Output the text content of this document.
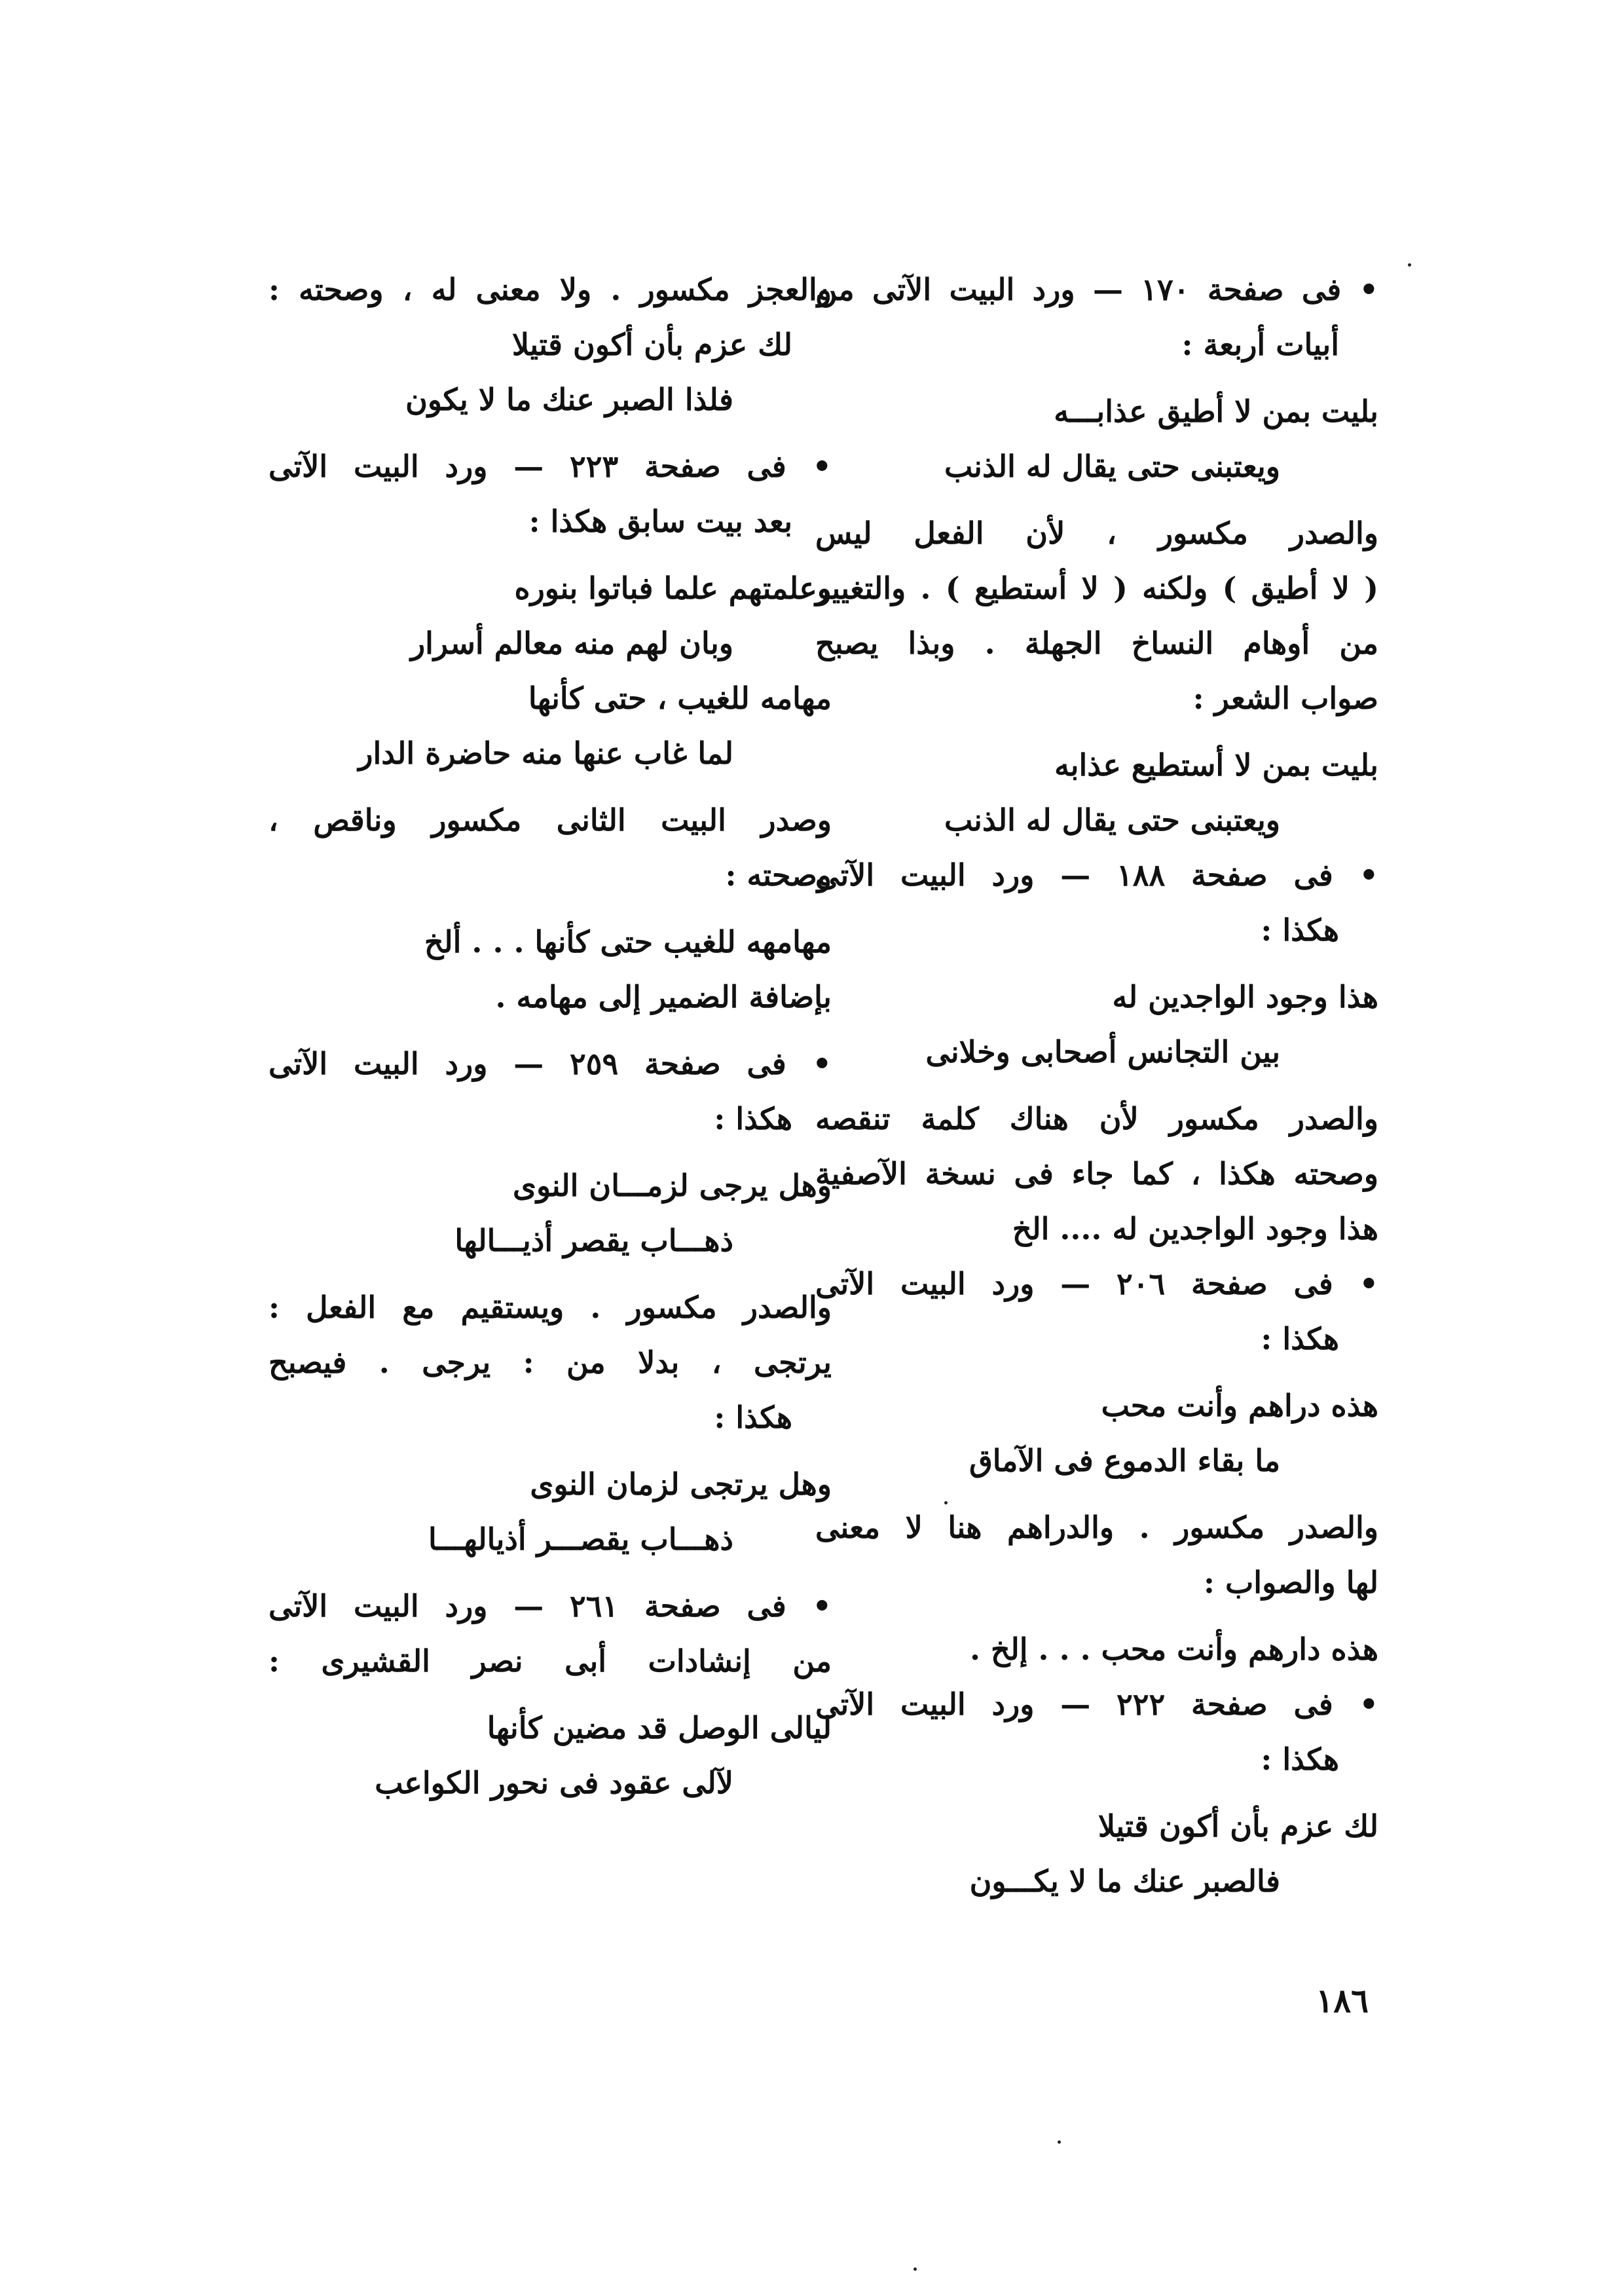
• فى صفحة ١٧٠ — ورد البيت الآتى من
أبيات أربعة :
بليت بمن لا أطيق عذابـــه
ويعتبنى حتى يقال له الذنب
والصدر مكسور ، لأن الفعل ليس
( لا أطيق ) ولكنه ( لا أستطيع ) . والتغيير
من أوهام النساخ الجهلة . وبذا يصبح
صواب الشعر :
بليت بمن لا أستطيع عذابه
ويعتبنى حتى يقال له الذنب
• فى صفحة ١٨٨ — ورد البيت الآتى
هكذا :
هذا وجود الواجدين له
بين التجانس أصحابى وخلانى
والصدر مكسور لأن هناك كلمة تنقصه
وصحته هكذا ، كما جاء فى نسخة الآصفية
هذا وجود الواجدين له .... الخ
• فى صفحة ٢٠٦ — ورد البيت الآتى
هكذا :
هذه دراهم وأنت محب
ما بقاء الدموع فى الآماق
والصدر مكسور . والدراهم هنا لا معنى
لها والصواب :
هذه دارهم وأنت محب . . . إلخ .
• فى صفحة ٢٢٢ — ورد البيت الآتى
هكذا :
لك عزم بأن أكون قتيلا
فالصبر عنك ما لا يكـــون
والعجز مكسور . ولا معنى له ، وصحته :
لك عزم بأن أكون قتيلا
فلذا الصبر عنك ما لا يكون
• فى صفحة ٢٢٣ — ورد البيت الآتى
بعد بيت سابق هكذا :
وعلمتهم علما فباتوا بنوره
وبان لهم منه معالم أسرار
مهامه للغيب ، حتى كأنها
لما غاب عنها منه حاضرة الدار
وصدر البيت الثانى مكسور وناقص ،
وصحته :
مهامهه للغيب حتى كأنها . . . ألخ
بإضافة الضمير إلى مهامه .
• فى صفحة ٢٥٩ — ورد البيت الآتى
هكذا :
وهل يرجى لزمـــان النوى
ذهـــاب يقصر أذيـــالها
والصدر مكسور . ويستقيم مع الفعل :
يرتجى ، بدلا من : يرجى . فيصبح
هكذا :
وهل يرتجى لزمان النوى
ذهـــاب يقصـــر أذيالهـــا
• فى صفحة ٢٦١ — ورد البيت الآتى
من إنشادات أبى نصر القشيرى :
ليالى الوصل قد مضين كأنها
لآلى عقود فى نحور الكواعب
١٨٦
